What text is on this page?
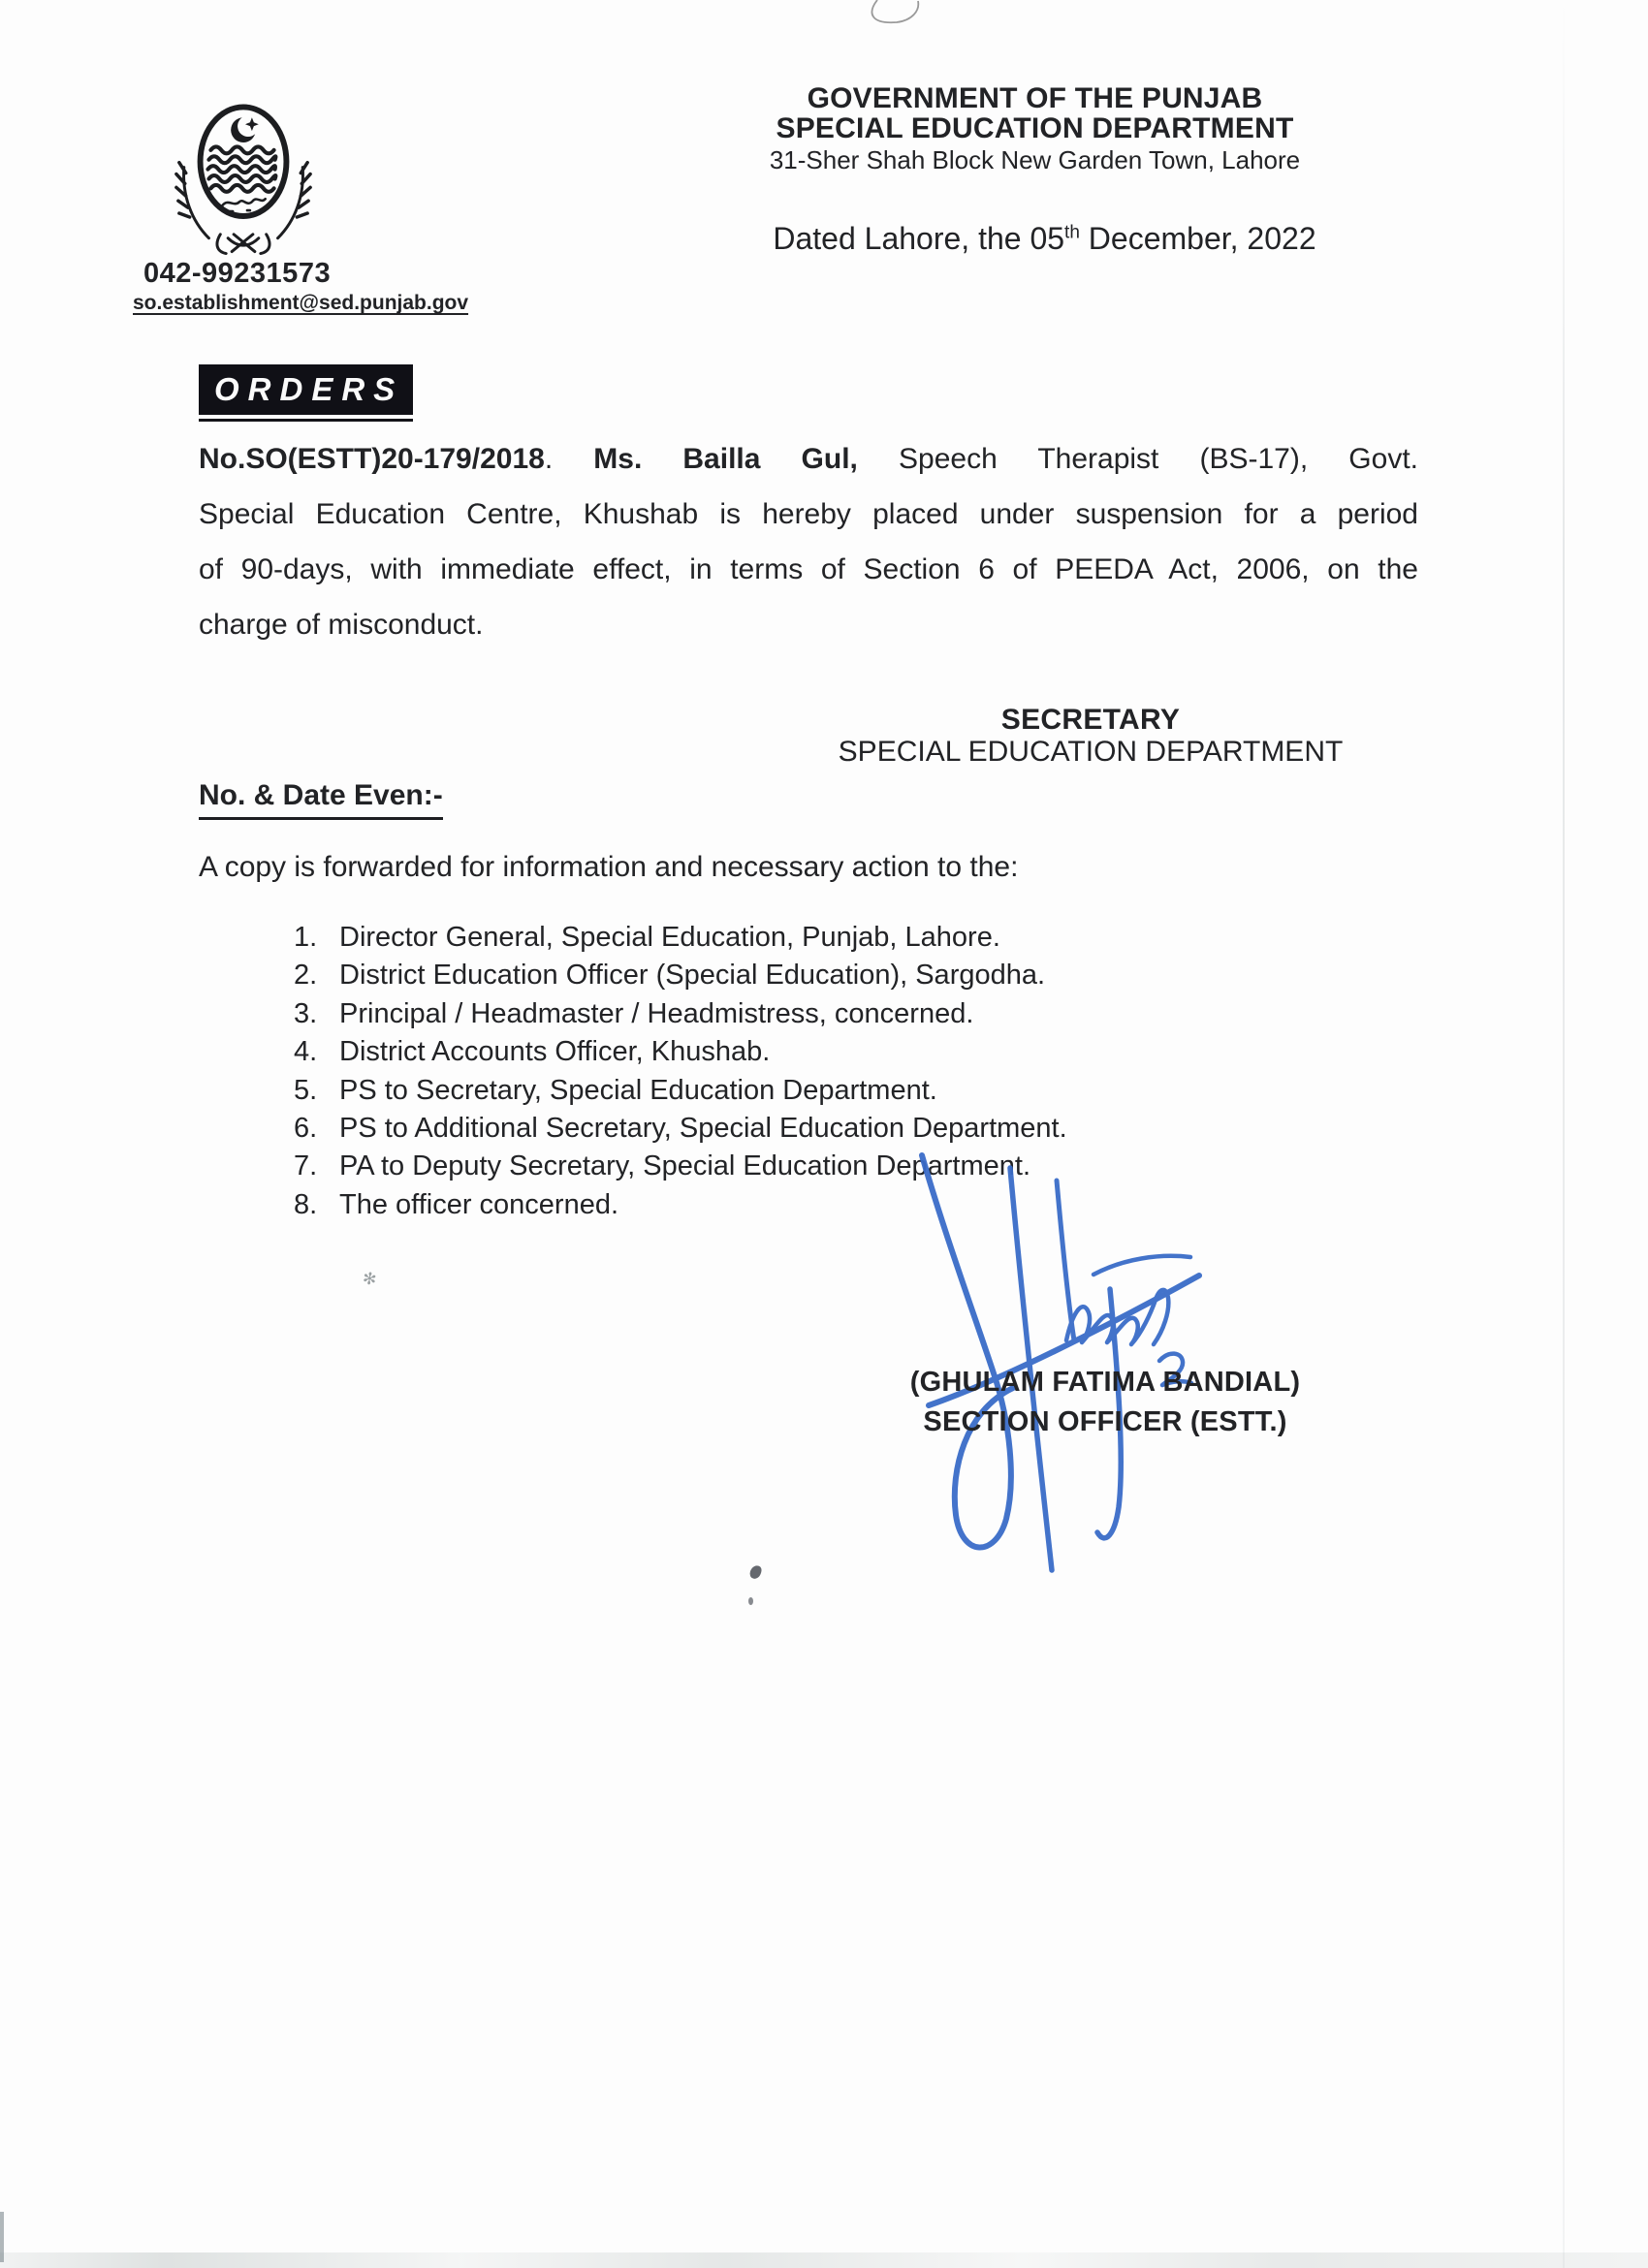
042-99231573
so.establishment@sed.punjab.gov
GOVERNMENT OF THE PUNJAB
SPECIAL EDUCATION DEPARTMENT
31-Sher Shah Block New Garden Town, Lahore
Dated Lahore, the 05th December, 2022
ORDERS
No.SO(ESTT)20-179/2018. Ms. Bailla Gul, Speech Therapist (BS-17), Govt.
Special Education Centre, Khushab is hereby placed under suspension for a period
of 90-days, with immediate effect, in terms of Section 6 of PEEDA Act, 2006, on the
charge of misconduct.
SECRETARY
SPECIAL EDUCATION DEPARTMENT
No. & Date Even:-
A copy is forwarded for information and necessary action to the:
1. Director General, Special Education, Punjab, Lahore.
2. District Education Officer (Special Education), Sargodha.
3. Principal / Headmaster / Headmistress, concerned.
4. District Accounts Officer, Khushab.
5. PS to Secretary, Special Education Department.
6. PS to Additional Secretary, Special Education Department.
7. PA to Deputy Secretary, Special Education Department.
8. The officer concerned.
(GHULAM FATIMA BANDIAL)
SECTION OFFICER (ESTT.)
✻
